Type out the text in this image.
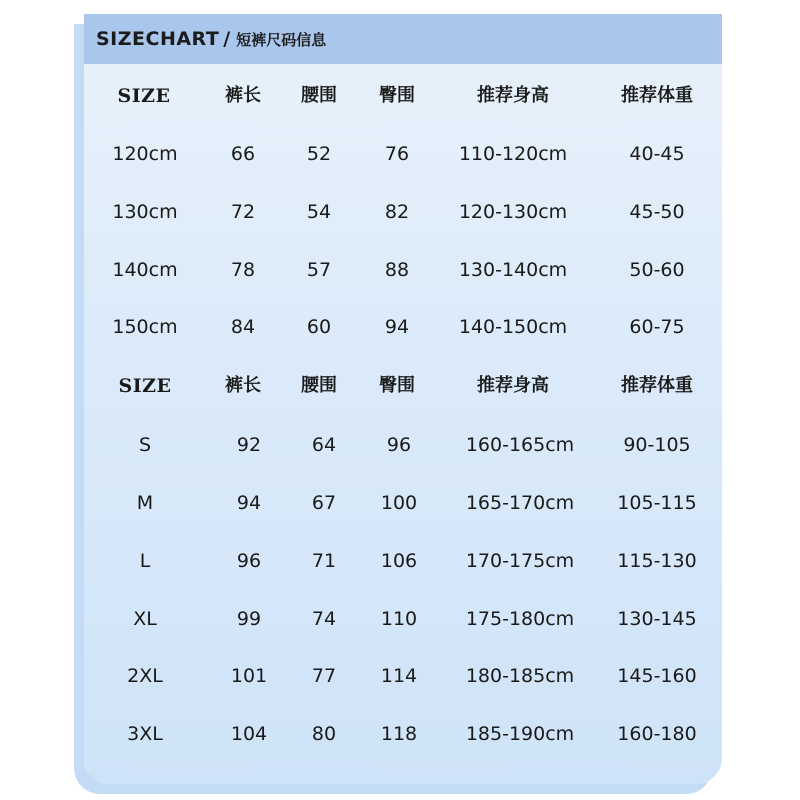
SIZECHART / 短裤尺码信息
SIZE	裤长 腰围 臀围	推荐身高	推荐体重
120cm	66	52	76	110-120cm	40-45
130cm	72	54	82	120-130cm	45-50
140cm	78	57	88	130-140cm	50-60
150cm	84	60	94	140-150cm	60-75
SIZE	裤长 腰围 臀围	推荐身高	推荐体重
S	92	64	96	160-165cm	90-105
M	94	67 100	165-170cm 105-115
L	96	71 106	170-175cm 115-130
XL	99	74 110	175-180cm 130-145
2XL	101 77 114	180-185cm 145-160
3XL	104 80 118	185-190cm 160-180
